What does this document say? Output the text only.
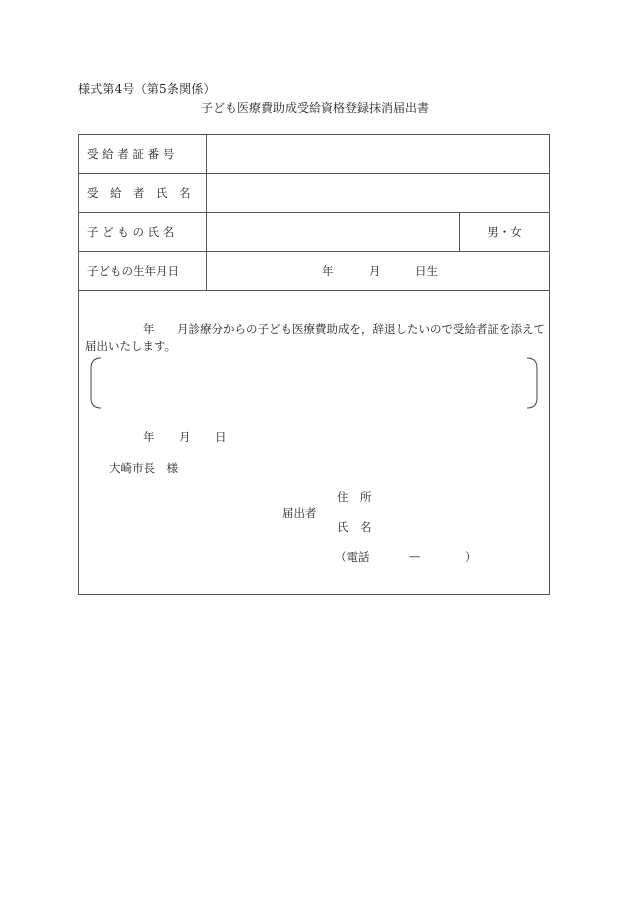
様式第4号（第5条関係）
子ども医療費助成受給資格登録抹消届出書
受 給 者 証 番 号
受　給　者　氏　名
子 ど も の 氏 名	男・女
子どもの生年月日	年	月	日生
年 月診療分からの子ども医療費助成を，辞退したいので受給者証を添えて
届出いたします。
年 月 日
大崎市長　様
届出者
住　所
氏　名
（電話	—	）
